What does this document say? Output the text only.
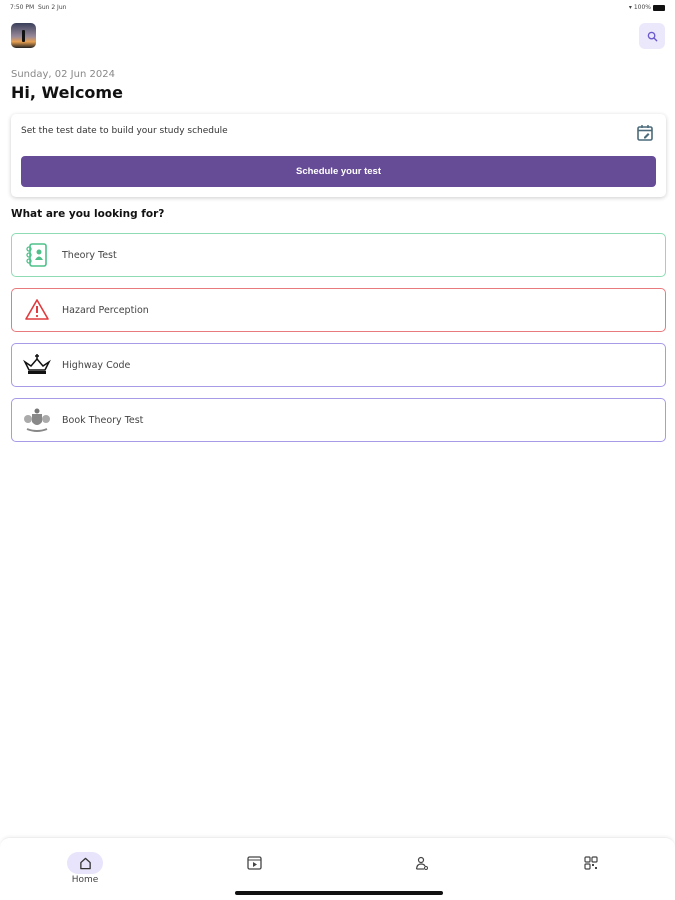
7:50 PM Sun 2 Jun	▾ 100%
Sunday, 02 Jun 2024
Hi, Welcome
Set the test date to build your study schedule
Schedule your test
What are you looking for?
Theory Test
Hazard Perception
Highway Code
Book Theory Test
Home
